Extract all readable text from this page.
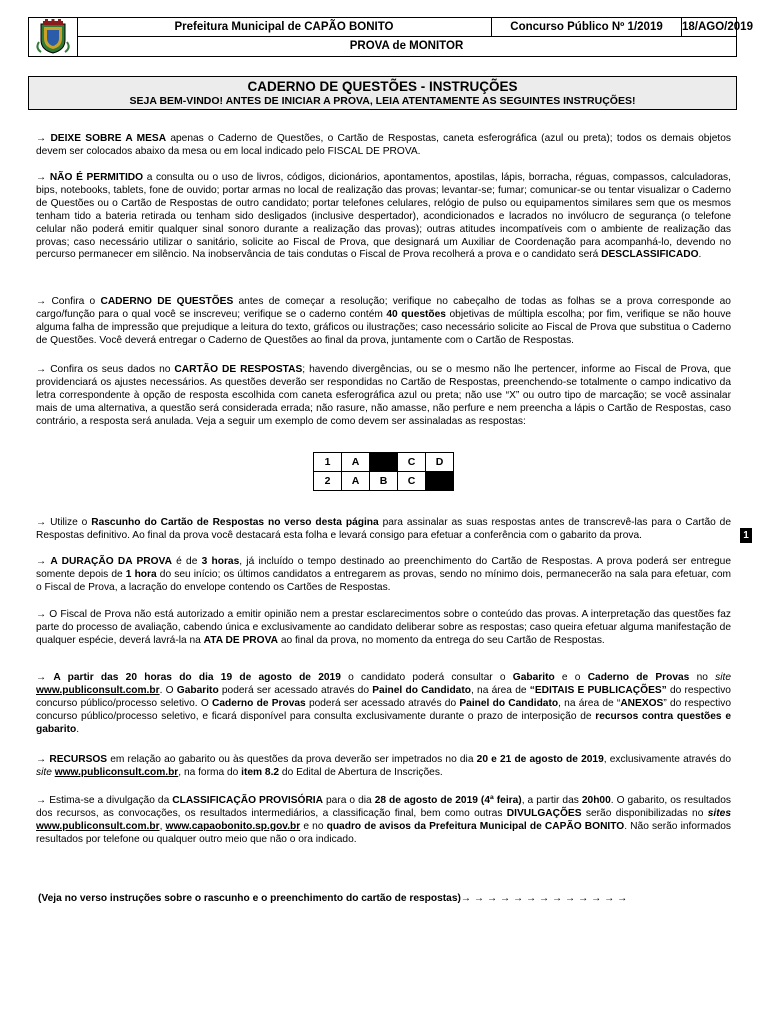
Prefeitura Municipal de CAPÃO BONITO	Concurso Público Nº 1/2019	18/AGO/2019
PROVA de MONITOR
CADERNO DE QUESTÕES - INSTRUÇÕES
SEJA BEM-VINDO! ANTES DE INICIAR A PROVA, LEIA ATENTAMENTE AS SEGUINTES INSTRUÇÕES!

→ DEIXE SOBRE A MESA apenas o Caderno de Questões, o Cartão de Respostas, caneta esferográfica (azul ou preta); todos os demais objetos devem ser colocados abaixo da mesa ou em local indicado pelo FISCAL DE PROVA.

→ NÃO É PERMITIDO a consulta ou o uso de livros, códigos, dicionários, apontamentos, apostilas, lápis, borracha, réguas, compassos, calculadoras, bips, notebooks, tablets, fone de ouvido; portar armas no local de realização das provas; levantar-se; fumar; comunicar-se ou tentar visualizar o Caderno de Questões ou o Cartão de Respostas de outro candidato; portar telefones celulares, relógio de pulso ou equipamentos similares sem que os mesmos tenham tido a bateria retirada ou tenham sido desligados (inclusive despertador), acondicionados e lacrados no invólucro de segurança (o telefone celular não poderá emitir qualquer sinal sonoro durante a realização das provas); outras atitudes incompatíveis com o ambiente de realização das provas; caso necessário utilizar o sanitário, solicite ao Fiscal de Prova, que designará um Auxiliar de Coordenação para acompanhá-lo, devendo no percurso permanecer em silêncio. Na inobservância de tais condutas o Fiscal de Prova recolherá a prova e o candidato será DESCLASSIFICADO.

→ Confira o CADERNO DE QUESTÕES antes de começar a resolução; verifique no cabeçalho de todas as folhas se a prova corresponde ao cargo/função para o qual você se inscreveu; verifique se o caderno contém 40 questões objetivas de múltipla escolha; por fim, verifique se não houve alguma falha de impressão que prejudique a leitura do texto, gráficos ou ilustrações; caso necessário solicite ao Fiscal de Prova que substitua o Caderno de Questões. Você deverá entregar o Caderno de Questões ao final da prova, juntamente com o Cartão de Respostas.

→ Confira os seus dados no CARTÃO DE RESPOSTAS; havendo divergências, ou se o mesmo não lhe pertencer, informe ao Fiscal de Prova, que providenciará os ajustes necessários. As questões deverão ser respondidas no Cartão de Respostas, preenchendo-se totalmente o campo indicativo da letra correspondente à opção de resposta escolhida com caneta esferográfica azul ou preta; não use “X” ou outro tipo de marcação; se você assinalar mais de uma alternativa, a questão será considerada errada; não rasure, não amasse, não perfure e nem preencha a lápis o Cartão de Respostas, caso contrário, a resposta será anulada. Veja a seguir um exemplo de como devem ser assinaladas as respostas:

1	A		C	D
2	A	B	C	

→ Utilize o Rascunho do Cartão de Respostas no verso desta página para assinalar as suas respostas antes de transcrevê-las para o Cartão de Respostas definitivo. Ao final da prova você destacará esta folha e levará consigo para efetuar a conferência com o gabarito da prova.	1

→ A DURAÇÃO DA PROVA é de 3 horas, já incluído o tempo destinado ao preenchimento do Cartão de Respostas. A prova poderá ser entregue somente depois de 1 hora do seu início; os últimos candidatos a entregarem as provas, sendo no mínimo dois, permanecerão na sala para efetuar, com o Fiscal de Prova, a lacração do envelope contendo os Cartões de Respostas.

→ O Fiscal de Prova não está autorizado a emitir opinião nem a prestar esclarecimentos sobre o conteúdo das provas. A interpretação das questões faz parte do processo de avaliação, cabendo única e exclusivamente ao candidato deliberar sobre as respostas; caso queira efetuar alguma manifestação de qualquer espécie, deverá lavrá-la na ATA DE PROVA ao final da prova, no momento da entrega do seu Cartão de Respostas.

→ A partir das 20 horas do dia 19 de agosto de 2019 o candidato poderá consultar o Gabarito e o Caderno de Provas no site www.publiconsult.com.br. O Gabarito poderá ser acessado através do Painel do Candidato, na área de “EDITAIS E PUBLICAÇÕES” do respectivo concurso público/processo seletivo. O Caderno de Provas poderá ser acessado através do Painel do Candidato, na área de “ANEXOS” do respectivo concurso público/processo seletivo, e ficará disponível para consulta exclusivamente durante o prazo de interposição de recursos contra questões e gabarito.

→ RECURSOS em relação ao gabarito ou às questões da prova deverão ser impetrados no dia 20 e 21 de agosto de 2019, exclusivamente através do site www.publiconsult.com.br, na forma do item 8.2 do Edital de Abertura de Inscrições.

→ Estima-se a divulgação da CLASSIFICAÇÃO PROVISÓRIA para o dia 28 de agosto de 2019 (4ª feira), a partir das 20h00. O gabarito, os resultados dos recursos, as convocações, os resultados intermediários, a classificação final, bem como outras DIVULGAÇÕES serão disponibilizadas no sites www.publiconsult.com.br, www.capaobonito.sp.gov.br e no quadro de avisos da Prefeitura Municipal de CAPÃO BONITO. Não serão informados resultados por telefone ou qualquer outro meio que não o ora indicado.

(Veja no verso instruções sobre o rascunho e o preenchimento do cartão de respostas)→ → → → → → → → → → → → →
